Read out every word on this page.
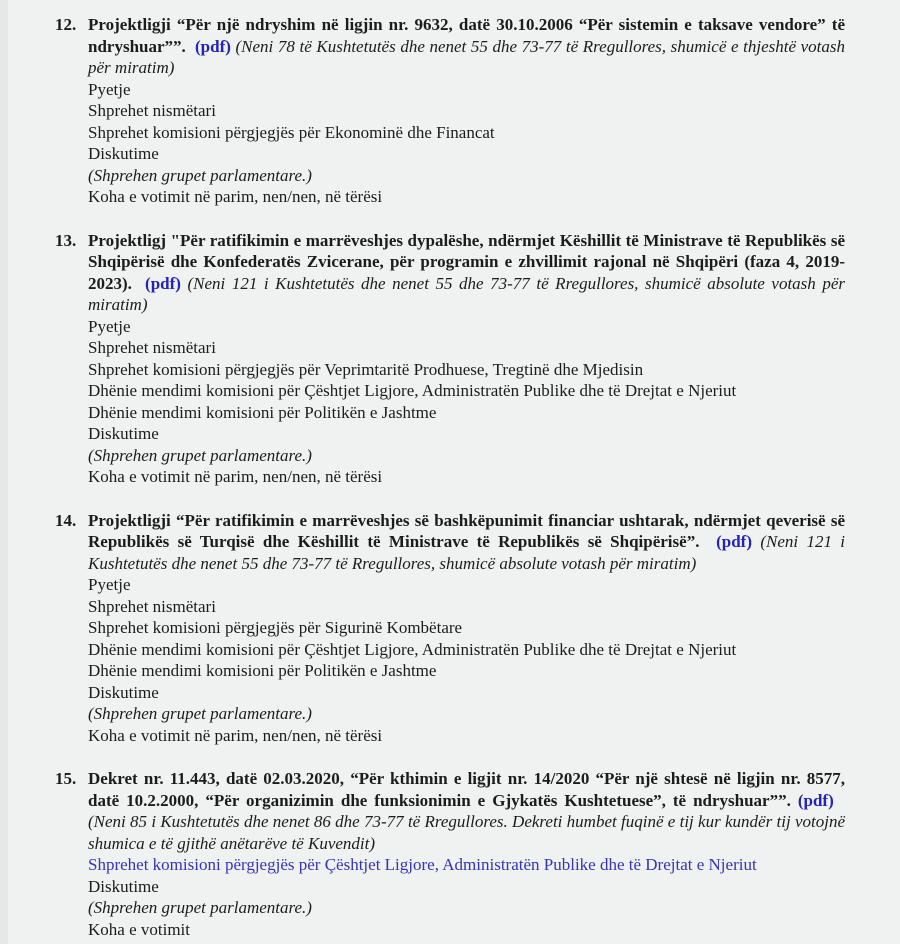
12. Projektligji “Për një ndryshim në ligjin nr. 9632, datë 30.10.2006 “Për sistemin e taksave vendore” të ndryshuar””. (pdf) (Neni 78 të Kushtetutës dhe nenet 55 dhe 73-77 të Rregullores, shumicë e thjeshtë votash për miratim)

Pyetje
Shprehet nismëtari
Shprehet komisioni përgjegjës për Ekonominë dhe Financat
Diskutime
(Shprehen grupet parlamentare.)
Koha e votimit në parim, nen/nen, në tërësi
13. Projektligj "Për ratifikimin e marrëveshjes dypalëshe, ndërmjet Këshillit të Ministrave të Republikës së Shqipërisë dhe Konfederatës Zvicerane, për programin e zhvillimit rajonal në Shqipëri (faza 4, 2019-2023). (pdf) (Neni 121 i Kushtetutës dhe nenet 55 dhe 73-77 të Rregullores, shumicë absolute votash për miratim)

Pyetje
Shprehet nismëtari
Shprehet komisioni përgjegjës për Veprimtaritë Prodhuese, Tregtinë dhe Mjedisin
Dhënie mendimi komisioni për Çështjet Ligjore, Administratën Publike dhe të Drejtat e Njeriut
Dhënie mendimi komisioni për Politikën e Jashtme
Diskutime
(Shprehen grupet parlamentare.)
Koha e votimit në parim, nen/nen, në tërësi
14. Projektligji “Për ratifikimin e marrëveshjes së bashkëpunimit financiar ushtarak, ndërmjet qeverisë së Republikës së Turqisë dhe Këshillit të Ministrave të Republikës së Shqipërisë”. (pdf) (Neni 121 i Kushtetutës dhe nenet 55 dhe 73-77 të Rregullores, shumicë absolute votash për miratim)

Pyetje
Shprehet nismëtari
Shprehet komisioni përgjegjës për Sigurinë Kombëtare
Dhënie mendimi komisioni për Çështjet Ligjore, Administratën Publike dhe të Drejtat e Njeriut
Dhënie mendimi komisioni për Politikën e Jashtme
Diskutime
(Shprehen grupet parlamentare.)
Koha e votimit në parim, nen/nen, në tërësi
15. Dekret nr. 11.443, datë 02.03.2020, “Për kthimin e ligjit nr. 14/2020 “Për një shtesë në ligjin nr. 8577, datë 10.2.2000, “Për organizimin dhe funksionimin e Gjykatës Kushtetuese”, të ndryshuar””. (pdf)   (Neni 85 i Kushtetutës dhe nenet 86 dhe 73-77 të Rregullores. Dekreti humbet fuqinë e tij kur kundër tij votojnë shumica e të gjithë anëtarëve të Kuvendit)

Shprehet komisioni përgjegjës për Çështjet Ligjore, Administratën Publike dhe të Drejtat e Njeriut
Diskutime
(Shprehen grupet parlamentare.)
Koha e votimit
